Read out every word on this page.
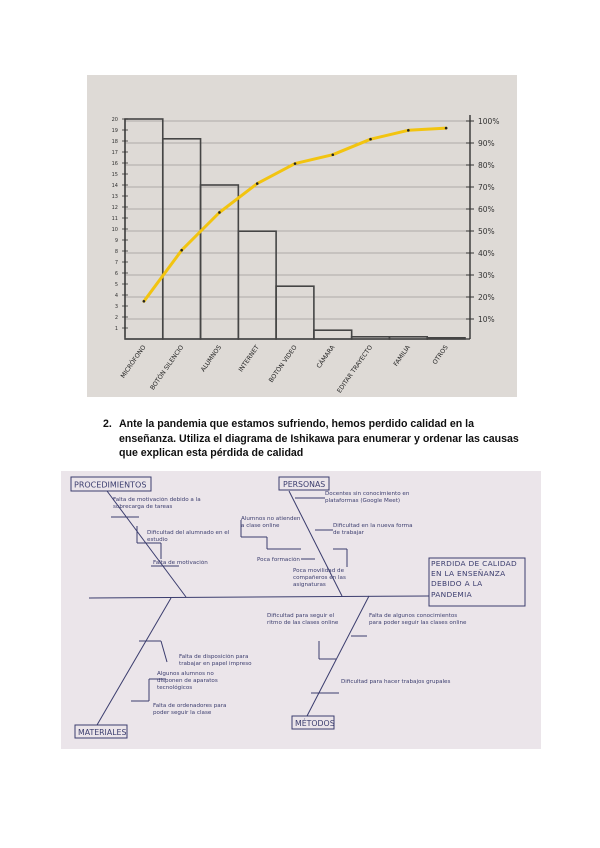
1
2
3
4
5
6
7
8
9
10
11
12
13
14
15
16
17
18
19
20
10%
20%
30%
40%
50%
60%
70%
80%
90%
100%
MICRÓFONO BOTÓN SILENCIO ALUMNOS INTERNET BOTÓN VIDEO	CÁMARA EDITAR TRAYECTO	FAMILIA	OTROS
2. Ante la pandemia que estamos sufriendo, hemos perdido calidad en la enseñanza. Utiliza el diagrama de Ishikawa para enumerar y ordenar las causas que explican esta pérdida de calidad
PROCEDIMIENTOS	PERSONAS
MATERIALES
MÉTODOS
PERDIDA DE CALIDAD EN LA ENSEÑANZA DEBIDO A LA PANDEMIA
Falta de motivación debido a la sobrecarga de tareas
Dificultad del alumnado en el estudio
Falta de motivación
Docentes sin conocimiento en plataformas (Google Meet)
Alumnos no atienden a clase online	Dificultad en la nueva forma de trabajar
Poca formación
Poca movilidad de compañeros en las asignaturas
Falta de disposición para trabajar en papel impreso
Algunos alumnos no disponen de aparatos tecnológicos
Falta de ordenadores para poder seguir la clase
Dificultad para seguir el ritmo de las clases online
Falta de algunos conocimientos para poder seguir las clases online
Dificultad para hacer trabajos grupales
